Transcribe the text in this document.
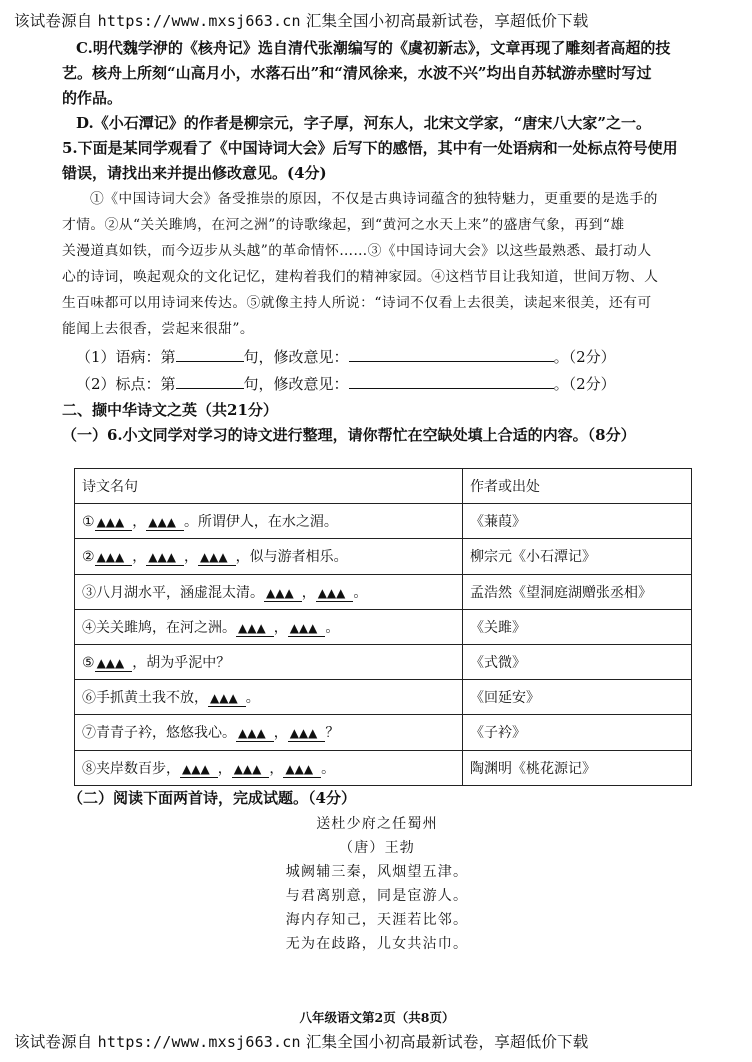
该试卷源自 https://www.mxsj663.cn 汇集全国小初高最新试卷，享超低价下载
C.明代魏学洢的《核舟记》选自清代张潮编写的《虞初新志》，文章再现了雕刻者高超的技
艺。核舟上所刻“山高月小，水落石出”和“清风徐来，水波不兴”均出自苏轼游赤壁时写过
的作品。
D.《小石潭记》的作者是柳宗元，字子厚，河东人，北宋文学家，“唐宋八大家”之一。
5.下面是某同学观看了《中国诗词大会》后写下的感悟，其中有一处语病和一处标点符号使用
错误，请找出来并提出修改意见。(4分)
①《中国诗词大会》备受推崇的原因，不仅是古典诗词蕴含的独特魅力，更重要的是选手的
才情。②从“关关雎鸠，在河之洲”的诗歌缘起，到“黄河之水天上来”的盛唐气象，再到“雄
关漫道真如铁，而今迈步从头越”的革命情怀……③《中国诗词大会》以这些最熟悉、最打动人
心的诗词，唤起观众的文化记忆，建构着我们的精神家园。④这档节目让我知道，世间万物、人
生百味都可以用诗词来传达。⑤就像主持人所说：“诗词不仅看上去很美，读起来很美，还有可
能闻上去很香，尝起来很甜”。
（1）语病：第	句，修改意见：	。（2分）
（2）标点：第	句，修改意见：	。（2分）
二、撷中华诗文之英（共21分）
（一）6.小文同学对学习的诗文进行整理，请你帮忙在空缺处填上合适的内容。（8分）
诗文名句	作者或出处
① ▲▲▲ ， ▲▲▲ 。所谓伊人，在水之湄。	《蒹葭》
② ▲▲▲ ， ▲▲▲ ， ▲▲▲ ，似与游者相乐。	柳宗元《小石潭记》
③八月湖水平，涵虚混太清。 ▲▲▲ ， ▲▲▲ 。	孟浩然《望洞庭湖赠张丞相》
④关关雎鸠，在河之洲。 ▲▲▲ ， ▲▲▲ 。	《关雎》
⑤ ▲▲▲ ，胡为乎泥中？	《式微》
⑥手抓黄土我不放， ▲▲▲ 。	《回延安》
⑦青青子衿，悠悠我心。 ▲▲▲ ， ▲▲▲ ？	《子衿》
⑧夹岸数百步， ▲▲▲ ， ▲▲▲ ， ▲▲▲ 。	陶渊明《桃花源记》
（二）阅读下面两首诗，完成试题。（4分）
送杜少府之任蜀州
（唐）王勃
城阙辅三秦，风烟望五津。
与君离别意，同是宦游人。
海内存知己，天涯若比邻。
无为在歧路，儿女共沾巾。
八年级语文第2页（共8页）
该试卷源自 https://www.mxsj663.cn 汇集全国小初高最新试卷，享超低价下载
